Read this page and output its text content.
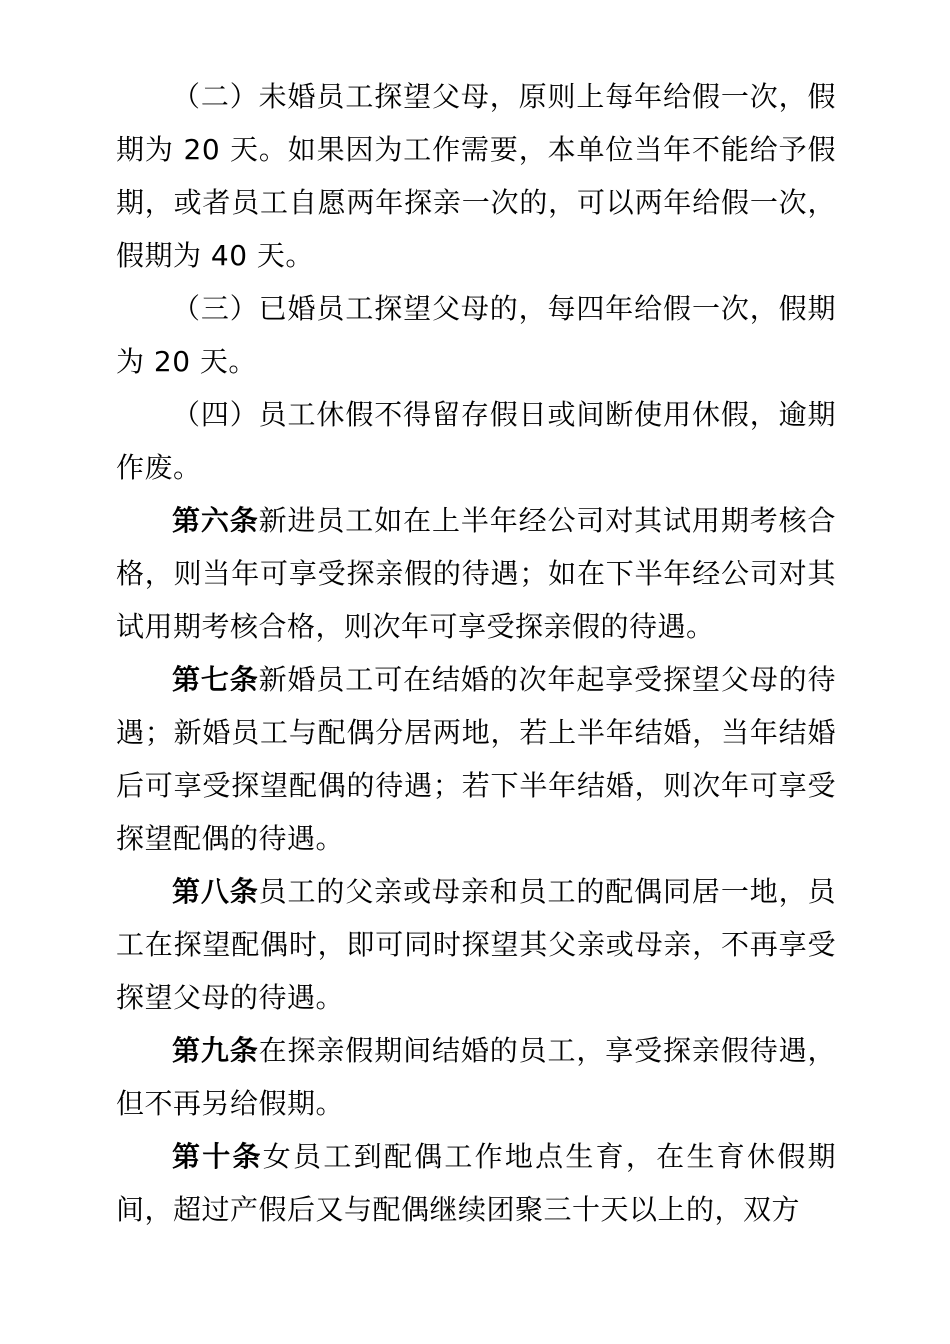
（二）未婚员工探望父母，原则上每年给假一次，假期为 20 天。如果因为工作需要，本单位当年不能给予假期，或者员工自愿两年探亲一次的，可以两年给假一次，假期为 40 天。

（三）已婚员工探望父母的，每四年给假一次，假期为 20 天。

（四）员工休假不得留存假日或间断使用休假，逾期作废。

第六条新进员工如在上半年经公司对其试用期考核合格，则当年可享受探亲假的待遇；如在下半年经公司对其试用期考核合格，则次年可享受探亲假的待遇。

第七条新婚员工可在结婚的次年起享受探望父母的待遇；新婚员工与配偶分居两地，若上半年结婚，当年结婚后可享受探望配偶的待遇；若下半年结婚，则次年可享受探望配偶的待遇。

第八条员工的父亲或母亲和员工的配偶同居一地，员工在探望配偶时，即可同时探望其父亲或母亲，不再享受探望父母的待遇。

第九条在探亲假期间结婚的员工，享受探亲假待遇，但不再另给假期。

第十条女员工到配偶工作地点生育，在生育休假期间，超过产假后又与配偶继续团聚三十天以上的，双方
